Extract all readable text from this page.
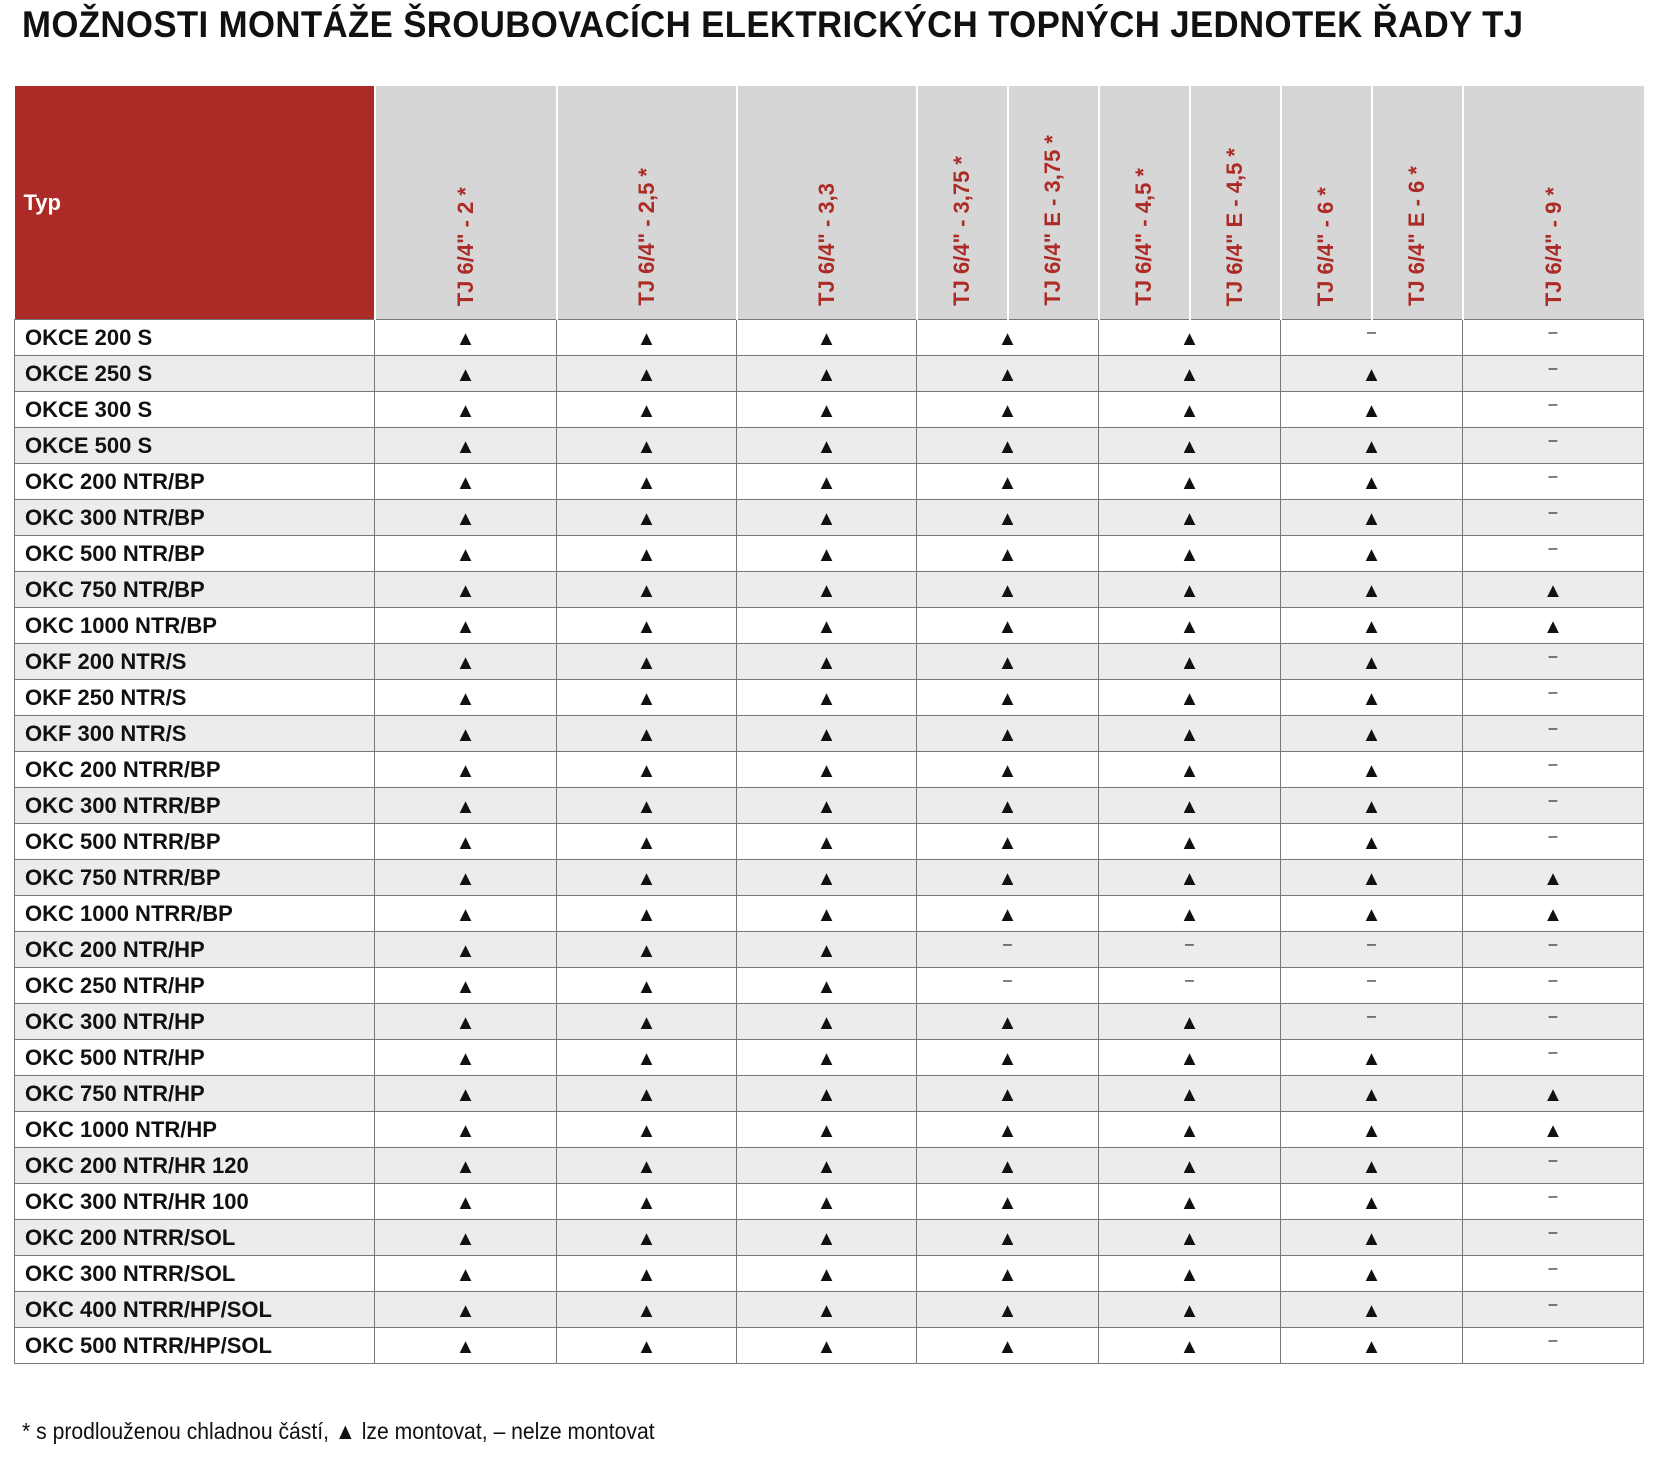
MOŽNOSTI MONTÁŽE ŠROUBOVACÍCH ELEKTRICKÝCH TOPNÝCH JEDNOTEK ŘADY TJ
Typ	TJ 6/4" - 2 *	TJ 6/4" - 2,5 *	TJ 6/4" - 3,3	TJ 6/4" - 3,75 *	TJ 6/4" E - 3,75 *	TJ 6/4" - 4,5 *	TJ 6/4" E - 4,5 *	TJ 6/4" - 6 *	TJ 6/4" E - 6 *	TJ 6/4" - 9 *
OKCE 200 S	▲	▲	▲	▲		▲		–		–
OKCE 250 S	▲	▲	▲	▲		▲		▲		–
OKCE 300 S	▲	▲	▲	▲		▲		▲		–
OKCE 500 S	▲	▲	▲	▲		▲		▲		–
OKC 200 NTR/BP	▲	▲	▲	▲		▲		▲		–
OKC 300 NTR/BP	▲	▲	▲	▲		▲		▲		–
OKC 500 NTR/BP	▲	▲	▲	▲		▲		▲		–
OKC 750 NTR/BP	▲	▲	▲	▲		▲		▲		▲
OKC 1000 NTR/BP	▲	▲	▲	▲		▲		▲		▲
OKF 200 NTR/S	▲	▲	▲	▲		▲		▲		–
OKF 250 NTR/S	▲	▲	▲	▲		▲		▲		–
OKF 300 NTR/S	▲	▲	▲	▲		▲		▲		–
OKC 200 NTRR/BP	▲	▲	▲	▲		▲		▲		–
OKC 300 NTRR/BP	▲	▲	▲	▲		▲		▲		–
OKC 500 NTRR/BP	▲	▲	▲	▲		▲		▲		–
OKC 750 NTRR/BP	▲	▲	▲	▲		▲		▲		▲
OKC 1000 NTRR/BP	▲	▲	▲	▲		▲		▲		▲
OKC 200 NTR/HP	▲	▲	▲	–		–		–		–
OKC 250 NTR/HP	▲	▲	▲	–		–		–		–
OKC 300 NTR/HP	▲	▲	▲	▲		▲		–		–
OKC 500 NTR/HP	▲	▲	▲	▲		▲		▲		–
OKC 750 NTR/HP	▲	▲	▲	▲		▲		▲		▲
OKC 1000 NTR/HP	▲	▲	▲	▲		▲		▲		▲
OKC 200 NTR/HR 120	▲	▲	▲	▲		▲		▲		–
OKC 300 NTR/HR 100	▲	▲	▲	▲		▲		▲		–
OKC 200 NTRR/SOL	▲	▲	▲	▲		▲		▲		–
OKC 300 NTRR/SOL	▲	▲	▲	▲		▲		▲		–
OKC 400 NTRR/HP/SOL	▲	▲	▲	▲		▲		▲		–
OKC 500 NTRR/HP/SOL	▲	▲	▲	▲		▲		▲		–
* s prodlouženou chladnou částí, ▲ lze montovat, – nelze montovat
